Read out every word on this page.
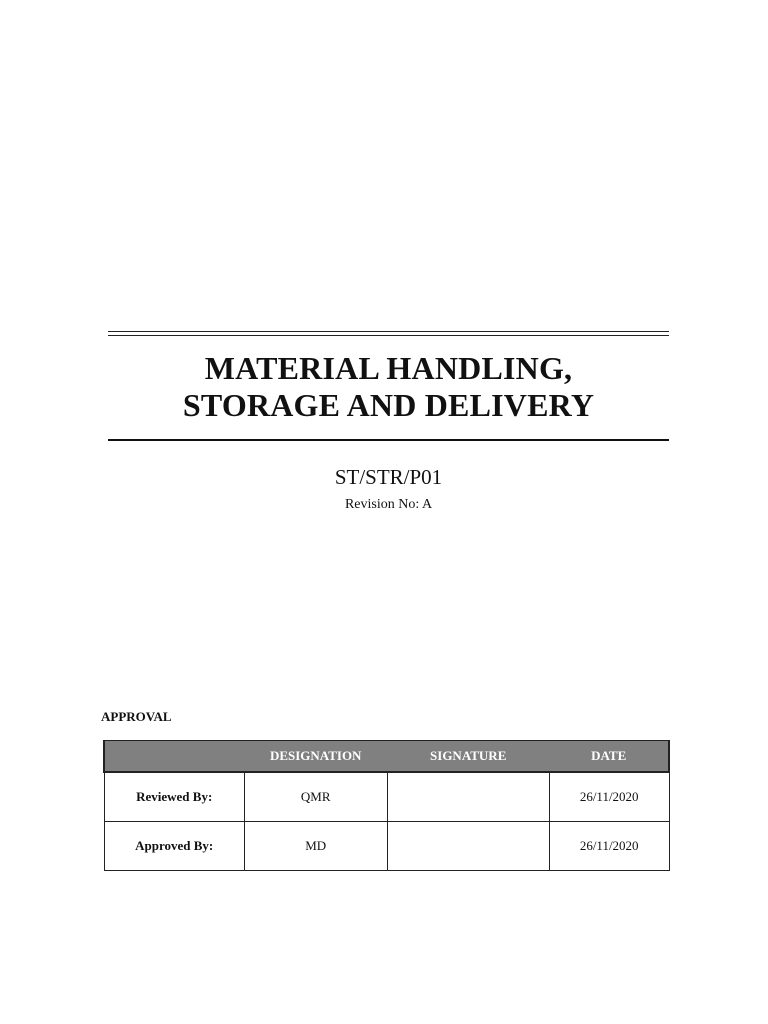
MATERIAL HANDLING,
STORAGE AND DELIVERY
ST/STR/P01
Revision No: A
APPROVAL
	DESIGNATION	SIGNATURE	DATE
Reviewed By:	QMR		26/11/2020
Approved By:	MD		26/11/2020
